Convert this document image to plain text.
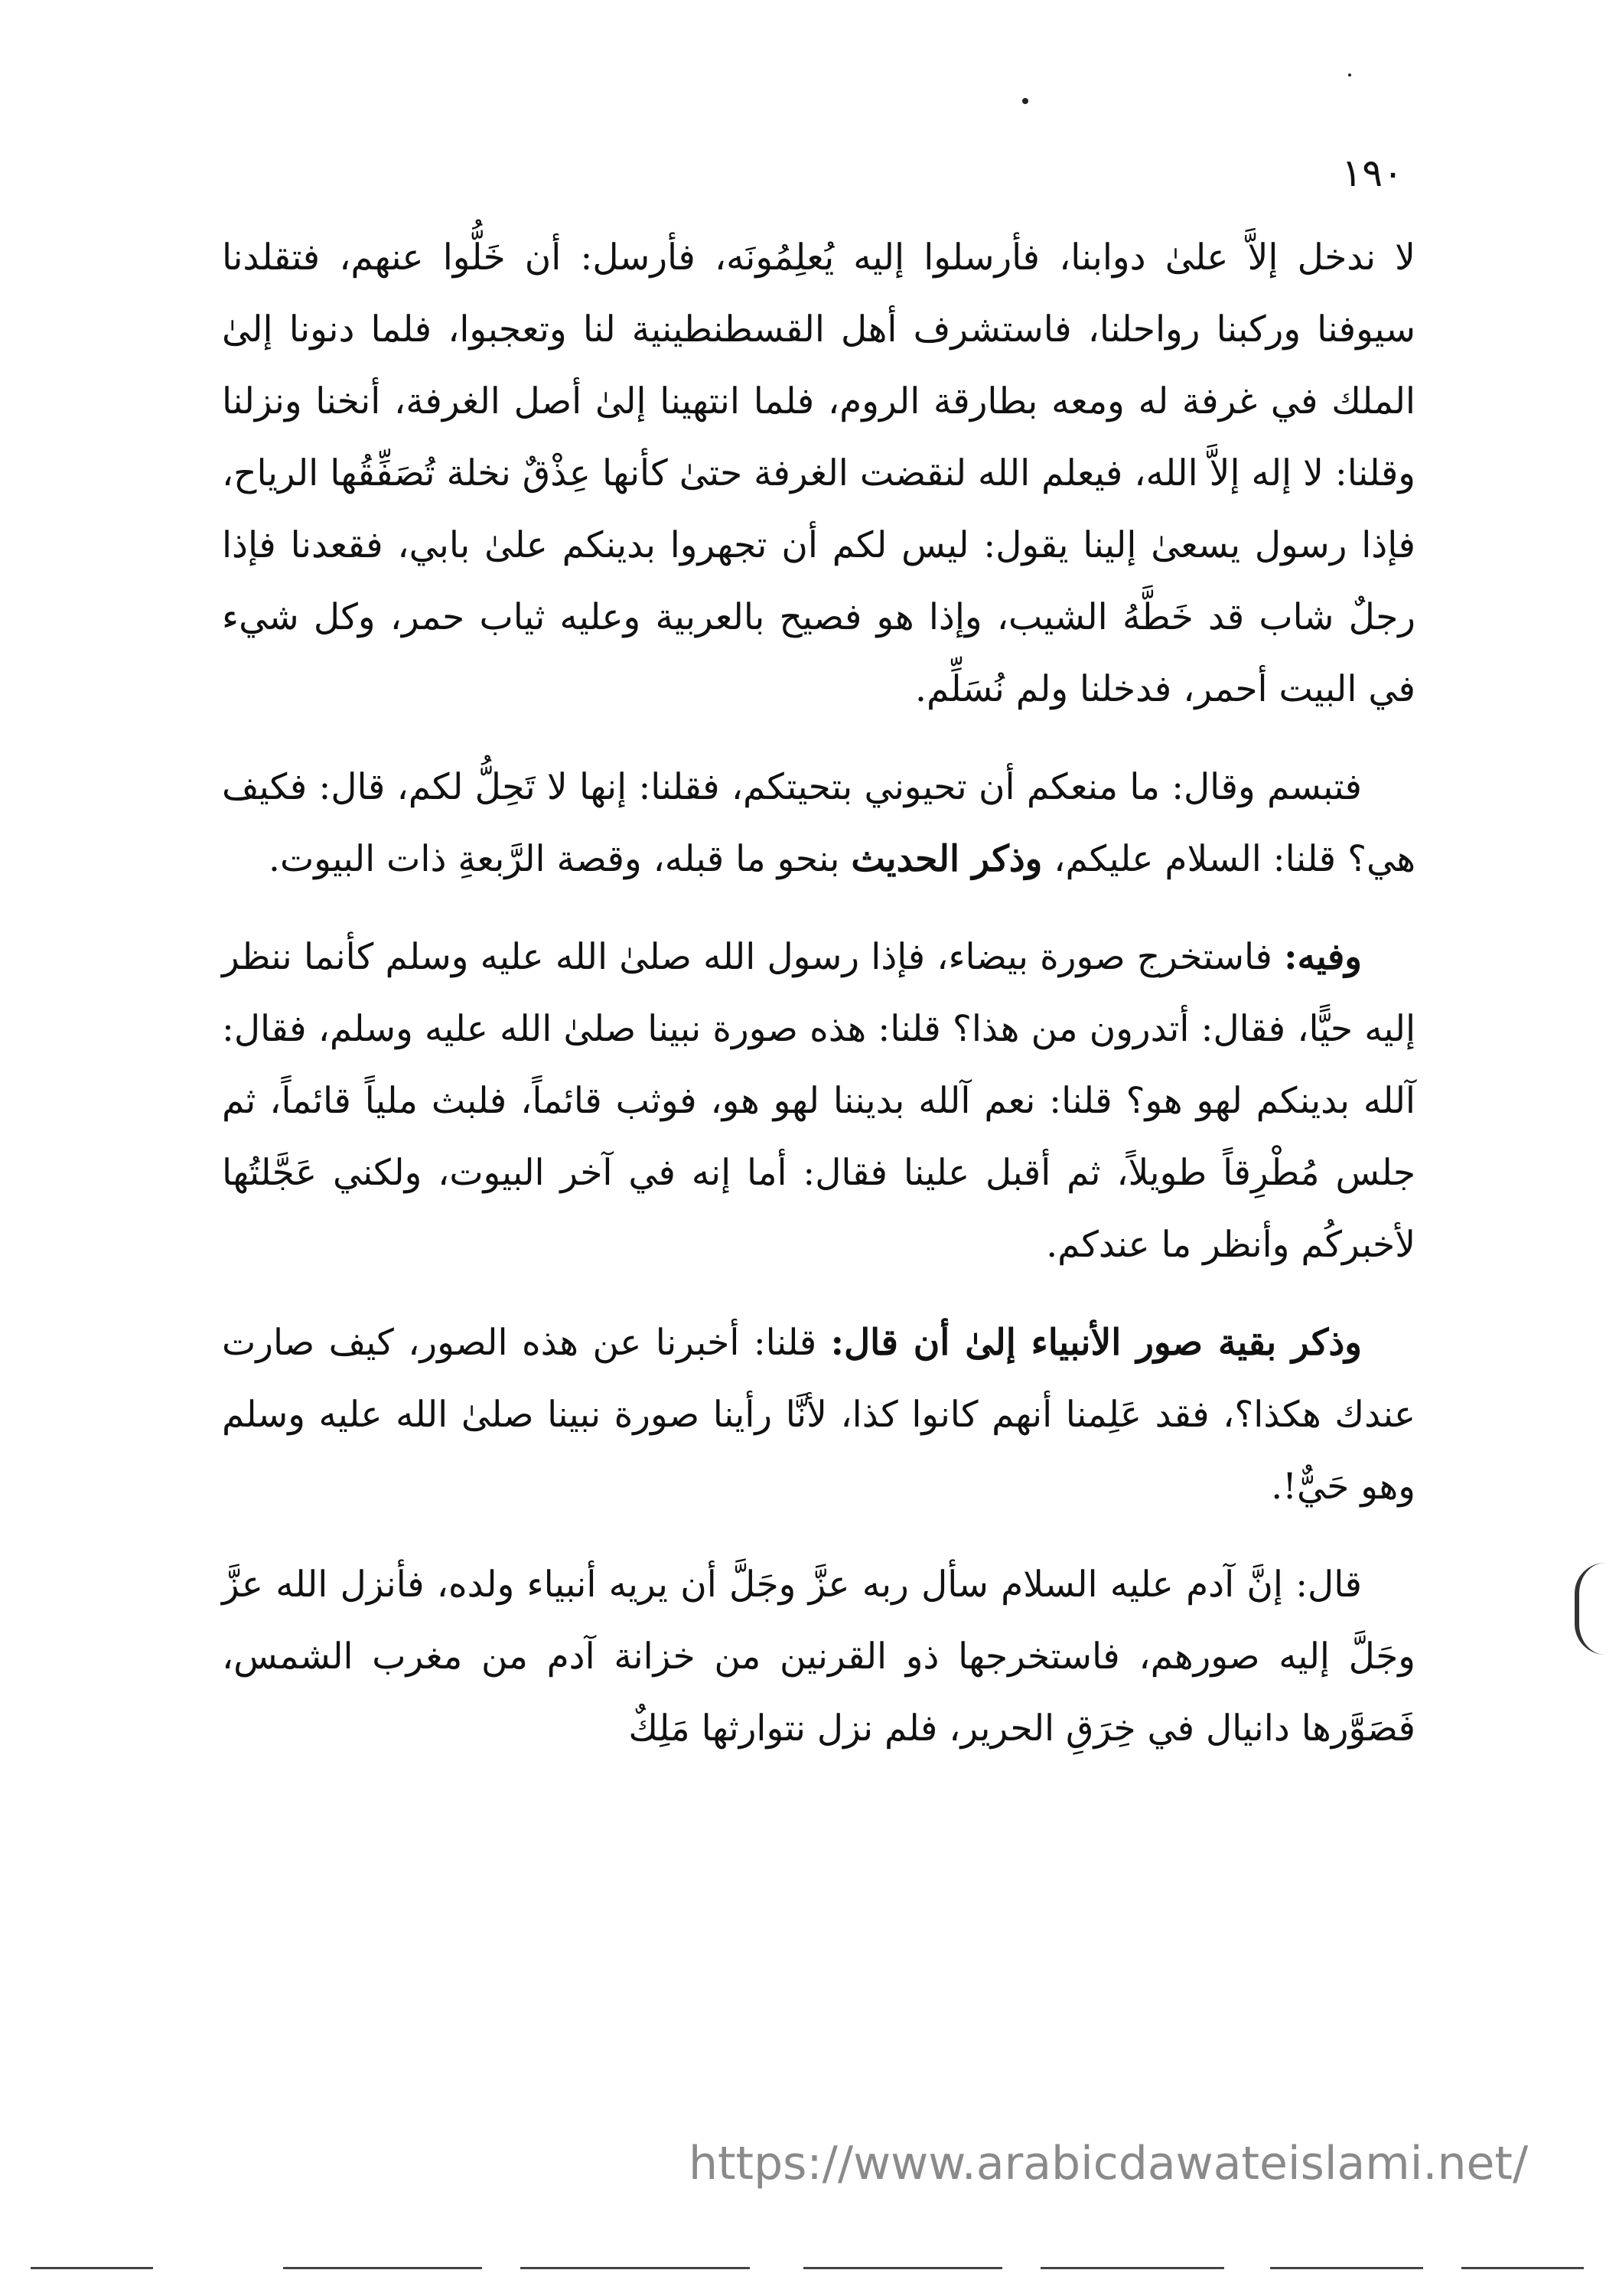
١٩٠

لا ندخل إلاَّ علىٰ دوابنا، فأرسلوا إليه يُعلِمُونَه، فأرسل: أن خَلُّوا عنهم، فتقلدنا سيوفنا وركبنا رواحلنا، فاستشرف أهل القسطنطينية لنا وتعجبوا، فلما دنونا إلىٰ الملك في غرفة له ومعه بطارقة الروم، فلما انتهينا إلىٰ أصل الغرفة، أنخنا ونزلنا وقلنا: لا إله إلاَّ الله، فيعلم الله لنقضت الغرفة حتىٰ كأنها عِذْقٌ نخلة تُصَفِّقُها الرياح، فإذا رسول يسعىٰ إلينا يقول: ليس لكم أن تجهروا بدينكم علىٰ بابي، فقعدنا فإذا رجلٌ شاب قد خَطَّهُ الشيب، وإذا هو فصيح بالعربية وعليه ثياب حمر، وكل شيء في البيت أحمر، فدخلنا ولم نُسَلِّم.

فتبسم وقال: ما منعكم أن تحيوني بتحيتكم، فقلنا: إنها لا تَحِلُّ لكم، قال: فكيف هي؟ قلنا: السلام عليكم، وذكر الحديث بنحو ما قبله، وقصة الرَّبعةِ ذات البيوت.

وفيه: فاستخرج صورة بيضاء، فإذا رسول الله صلىٰ الله عليه وسلم كأنما ننظر إليه حيًّا، فقال: أتدرون من هذا؟ قلنا: هذه صورة نبينا صلىٰ الله عليه وسلم، فقال: آلله بدينكم لهو هو؟ قلنا: نعم آلله بديننا لهو هو، فوثب قائماً، فلبث ملياً قائماً، ثم جلس مُطْرِقاً طويلاً، ثم أقبل علينا فقال: أما إنه في آخر البيوت، ولكني عَجَّلتُها لأخبركُم وأنظر ما عندكم.

وذكر بقية صور الأنبياء إلىٰ أن قال: قلنا: أخبرنا عن هذه الصور، كيف صارت عندك هكذا؟، فقد عَلِمنا أنهم كانوا كذا، لأنَّا رأينا صورة نبينا صلىٰ الله عليه وسلم وهو حَيٌّ!.

قال: إنَّ آدم عليه السلام سأل ربه عزَّ وجَلَّ أن يريه أنبياء ولده، فأنزل الله عزَّ وجَلَّ إليه صورهم، فاستخرجها ذو القرنين من خزانة آدم من مغرب الشمس، فَصَوَّرها دانيال في خِرَقِ الحرير، فلم نزل نتوارثها مَلِكٌ

https://www.arabicdawateislami.net/
